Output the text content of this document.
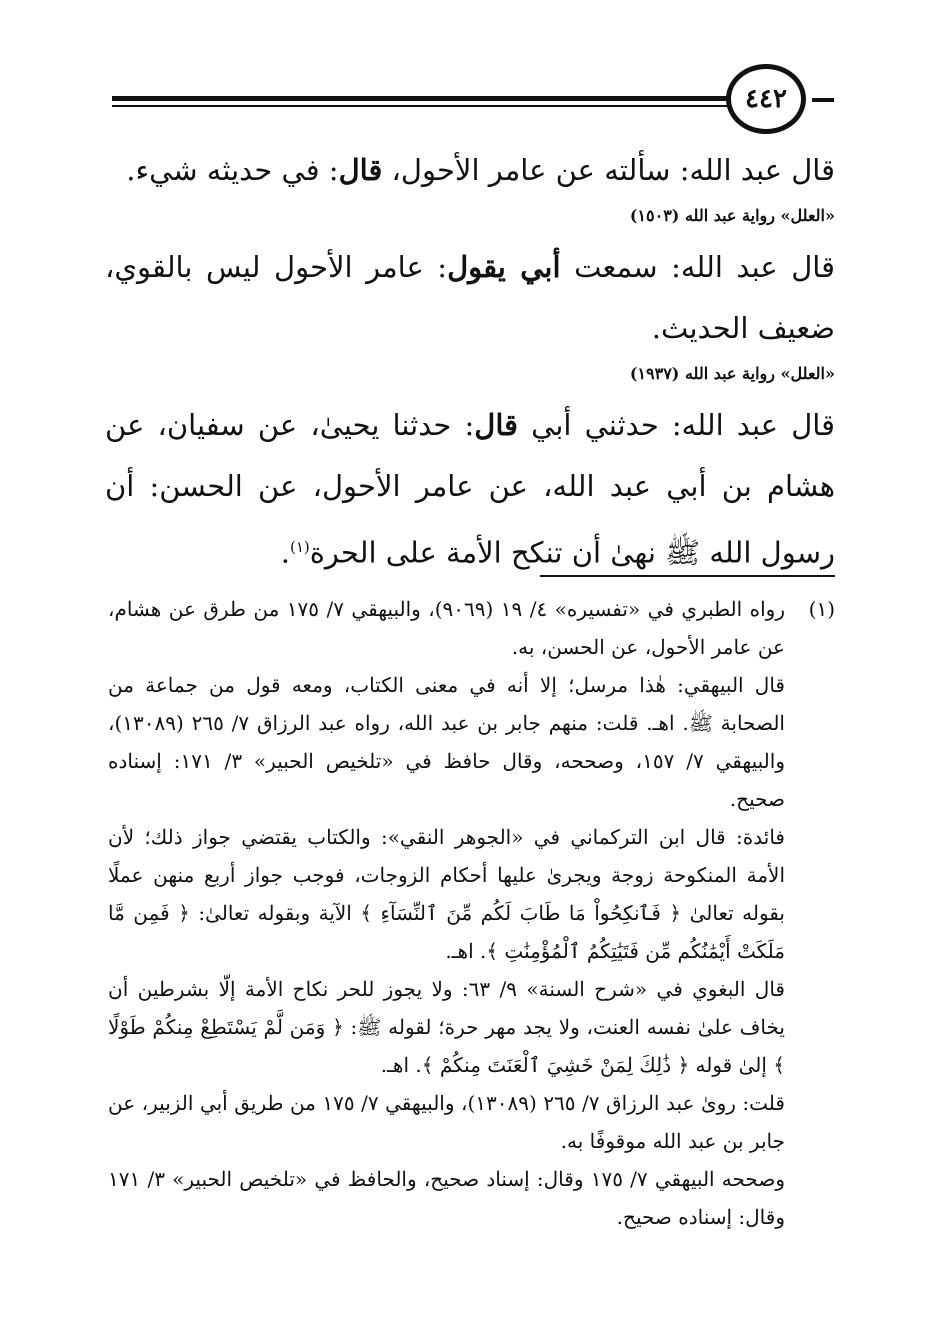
٤٤٢

قال عبد الله: سألته عن عامر الأحول، قال: في حديثه شيء.

«العلل» رواية عبد الله (١٥٠٣)

قال عبد الله: سمعت أبي يقول: عامر الأحول ليس بالقوي، ضعيف الحديث.

«العلل» رواية عبد الله (١٩٣٧)

قال عبد الله: حدثني أبي قال: حدثنا يحيىٰ، عن سفيان، عن هشام بن أبي عبد الله، عن عامر الأحول، عن الحسن: أن رسول الله ﷺ نهىٰ أن تنكح الأمة على الحرة$^{(١)}$.

(١)

رواه الطبري في «تفسيره» ٤/ ١٩ (٩٠٦٩)، والبيهقي ٧/ ١٧٥ من طرق عن هشام، عن عامر الأحول، عن الحسن، به.

قال البيهقي: هٰذا مرسل؛ إلا أنه في معنى الكتاب، ومعه قول من جماعة من الصحابة ﷺ. اهـ. قلت: منهم جابر بن عبد الله، رواه عبد الرزاق ٧/ ٢٦٥ (١٣٠٨٩)، والبيهقي ٧/ ١٥٧، وصححه، وقال حافظ في «تلخيص الحبير» ٣/ ١٧١: إسناده صحيح.

فائدة: قال ابن التركماني في «الجوهر النقي»: والكتاب يقتضي جواز ذلك؛ لأن الأمة المنكوحة زوجة ويجرىٰ عليها أحكام الزوجات، فوجب جواز أربع منهن عملًا بقوله تعالىٰ ﴿ فَٱنكِحُواْ مَا طَابَ لَكُم مِّنَ ٱلنِّسَآءِ ﴾ الآية وبقوله تعالىٰ: ﴿ فَمِن مَّا مَلَكَتْ أَيْمَٰنُكُم مِّن فَتَيَٰتِكُمُ ٱلْمُؤْمِنَٰتِ ﴾. اهـ.

قال البغوي في «شرح السنة» ٩/ ٦٣: ولا يجوز للحر نكاح الأمة إلّا بشرطين أن يخاف علىٰ نفسه العنت، ولا يجد مهر حرة؛ لقوله ﷺ: ﴿ وَمَن لَّمْ يَسْتَطِعْ مِنكُمْ طَوْلًا ﴾ إلىٰ قوله ﴿ ذَٰلِكَ لِمَنْ خَشِيَ ٱلْعَنَتَ مِنكُمْ ﴾. اهـ.

قلت: رویٰ عبد الرزاق ٧/ ٢٦٥ (١٣٠٨٩)، والبيهقي ٧/ ١٧٥ من طريق أبي الزبير، عن جابر بن عبد الله موقوفًا به.

وصححه البيهقي ٧/ ١٧٥ وقال: إسناد صحيح، والحافظ في «تلخيص الحبير» ٣/ ١٧١ وقال: إسناده صحيح.
